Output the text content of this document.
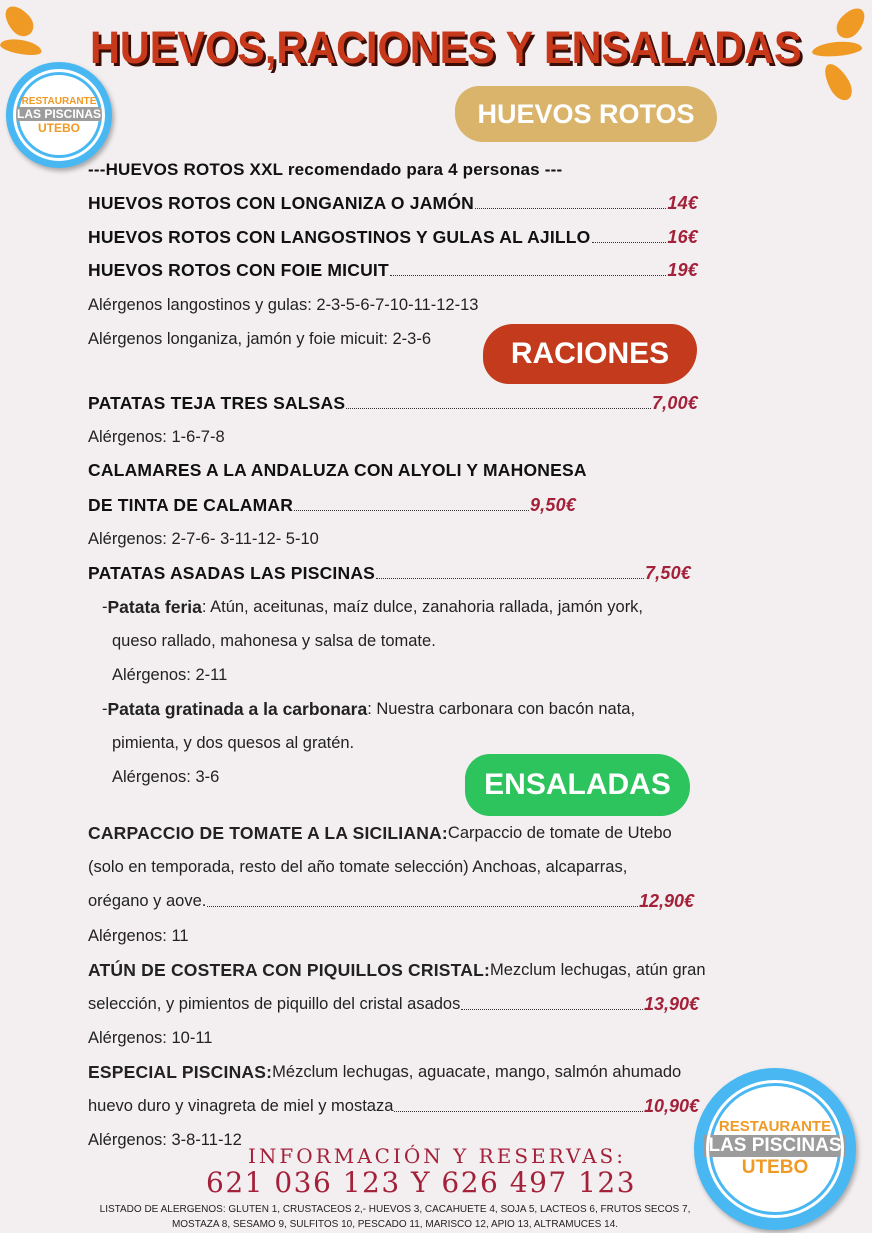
HUEVOS,RACIONES Y ENSALADAS
RESTAURANTE
LAS PISCINAS
UTEBO	HUEVOS ROTOS
---HUEVOS ROTOS XXL recomendado para 4 personas ---
HUEVOS ROTOS CON LONGANIZA O JAMÓN	14€
HUEVOS ROTOS CON LANGOSTINOS Y GULAS AL AJILLO	16€
HUEVOS ROTOS CON FOIE MICUIT	19€
Alérgenos langostinos y gulas: 2-3-5-6-7-10-11-12-13
Alérgenos longaniza, jamón y foie micuit: 2-3-6	RACIONES
PATATAS TEJA TRES SALSAS	7,00€
Alérgenos: 1-6-7-8
CALAMARES A LA ANDALUZA CON ALYOLI Y MAHONESA
DE TINTA DE CALAMAR	9,50€
Alérgenos: 2-7-6- 3-11-12- 5-10
PATATAS ASADAS LAS PISCINAS	7,50€
- Patata feria : Atún, aceitunas, maíz dulce, zanahoria rallada, jamón york,
queso rallado, mahonesa y salsa de tomate.
Alérgenos: 2-11
- Patata gratinada a la carbonara : Nuestra carbonara con bacón nata,
pimienta, y dos quesos al gratén.
Alérgenos: 3-6	ENSALADAS
CARPACCIO DE TOMATE A LA SICILIANA: Carpaccio de tomate de Utebo
(solo en temporada, resto del año tomate selección) Anchoas, alcaparras,
orégano y aove.	12,90€
Alérgenos: 11
ATÚN DE COSTERA CON PIQUILLOS CRISTAL: Mezclum lechugas, atún gran
selección, y pimientos de piquillo del cristal asados	13,90€
Alérgenos: 10-11
ESPECIAL PISCINAS: Mézclum lechugas, aguacate, mango, salmón ahumado
huevo duro y vinagreta de miel y mostaza	10,90€
Alérgenos: 3-8-11-12
RESTAURANTE
LAS PISCINAS
UTEBO
INFORMACIÓN Y RESERVAS:
621 036 123 Y 626 497 123
LISTADO DE ALERGENOS: GLUTEN 1, CRUSTACEOS 2,- HUEVOS 3, CACAHUETE 4, SOJA 5, LACTEOS 6, FRUTOS SECOS 7,
MOSTAZA 8, SESAMO 9, SULFITOS 10, PESCADO 11, MARISCO 12, APIO 13, ALTRAMUCES 14.
